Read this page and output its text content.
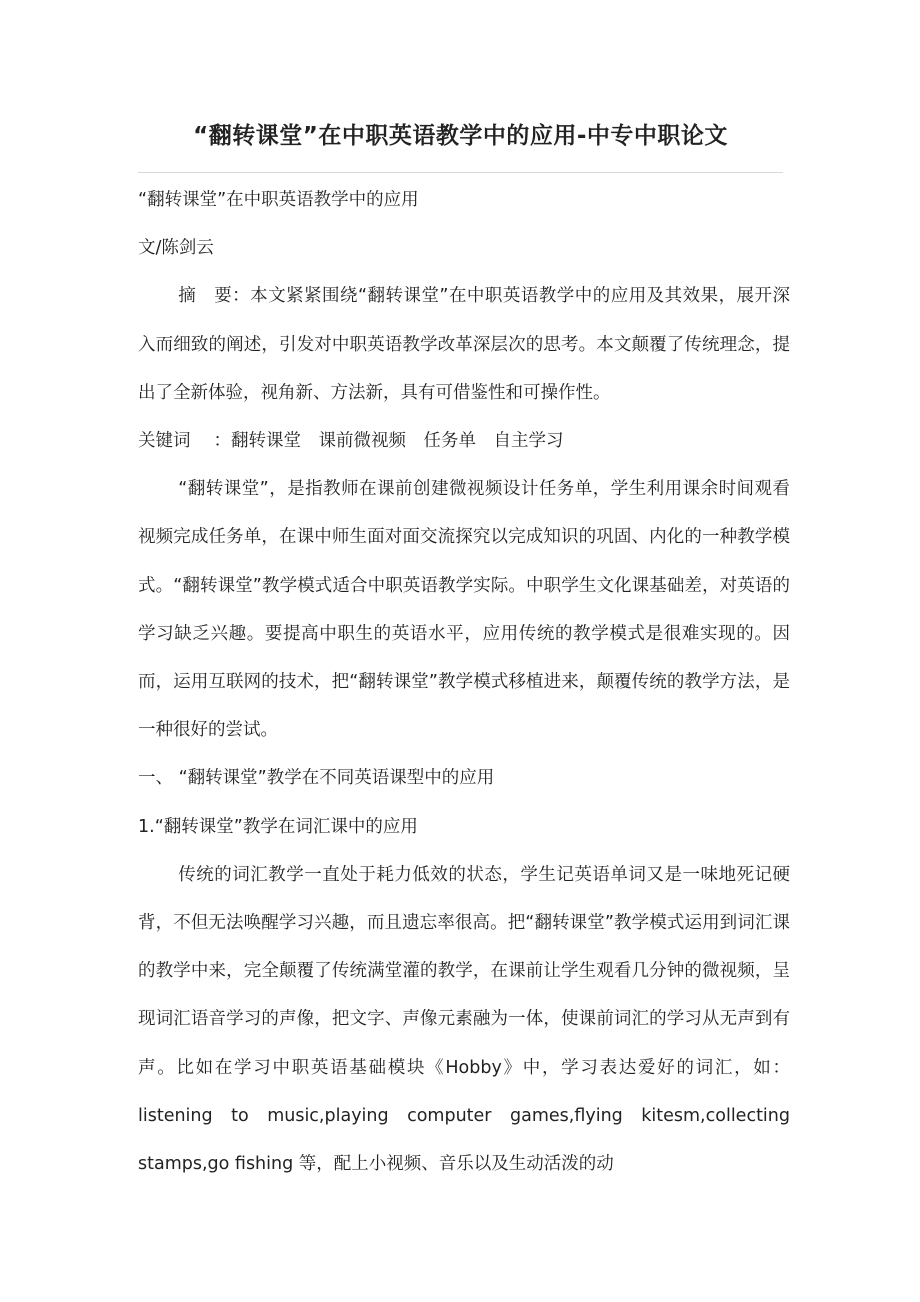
“翻转课堂”在中职英语教学中的应用-中专中职论文

“翻转课堂”在中职英语教学中的应用

文/陈剑云

摘　要：本文紧紧围绕“翻转课堂”在中职英语教学中的应用及其效果，展开深入而细致的阐述，引发对中职英语教学改革深层次的思考。本文颠覆了传统理念，提出了全新体验，视角新、方法新，具有可借鉴性和可操作性。

关键词　 ：翻转课堂　课前微视频　任务单　自主学习

“翻转课堂”，是指教师在课前创建微视频设计任务单，学生利用课余时间观看视频完成任务单，在课中师生面对面交流探究以完成知识的巩固、内化的一种教学模式。“翻转课堂”教学模式适合中职英语教学实际。中职学生文化课基础差，对英语的学习缺乏兴趣。要提高中职生的英语水平，应用传统的教学模式是很难实现的。因而，运用互联网的技术，把“翻转课堂”教学模式移植进来，颠覆传统的教学方法，是一种很好的尝试。

一、 “翻转课堂”教学在不同英语课型中的应用

1.“翻转课堂”教学在词汇课中的应用

传统的词汇教学一直处于耗力低效的状态，学生记英语单词又是一味地死记硬背，不但无法唤醒学习兴趣，而且遗忘率很高。把“翻转课堂”教学模式运用到词汇课的教学中来，完全颠覆了传统满堂灌的教学，在课前让学生观看几分钟的微视频，呈现词汇语音学习的声像，把文字、声像元素融为一体，使课前词汇的学习从无声到有声。比如在学习中职英语基础模块《Hobby》中，学习表达爱好的词汇，如：listening to music,playing computer games,flying kitesm,collecting stamps,go fishing 等，配上小视频、音乐以及生动活泼的动
